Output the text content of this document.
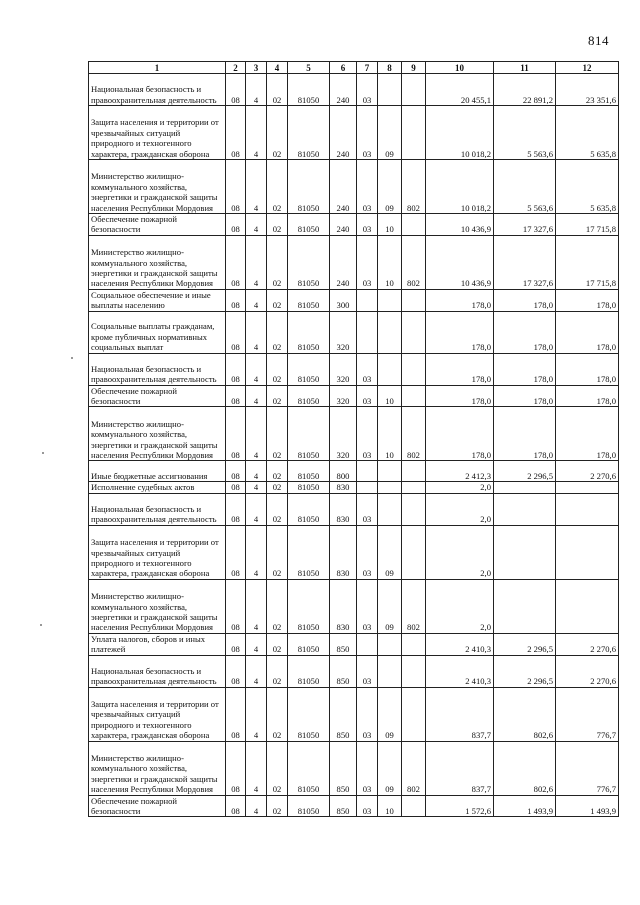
814
1	2	3	4	5	6	7	8	9	10	11	12
Национальная безопасность и правоохранительная деятельность	08	4	02	81050	240	03			20 455,1	22 891,2	23 351,6
Защита населения и территории от чрезвычайных ситуаций природного и техногенного характера, гражданская оборона	08	4	02	81050	240	03	09		10 018,2	5 563,6	5 635,8
Министерство жилищно-коммунального хозяйства, энергетики и гражданской защиты населения Республики Мордовия	08	4	02	81050	240	03	09	802	10 018,2	5 563,6	5 635,8
Обеспечение пожарной безопасности	08	4	02	81050	240	03	10		10 436,9	17 327,6	17 715,8
Министерство жилищно-коммунального хозяйства, энергетики и гражданской защиты населения Республики Мордовия	08	4	02	81050	240	03	10	802	10 436,9	17 327,6	17 715,8
Социальное обеспечение и иные выплаты населению	08	4	02	81050	300				178,0	178,0	178,0
Социальные выплаты гражданам, кроме публичных нормативных социальных выплат	08	4	02	81050	320				178,0	178,0	178,0
Национальная безопасность и правоохранительная деятельность	08	4	02	81050	320	03			178,0	178,0	178,0
Обеспечение пожарной безопасности	08	4	02	81050	320	03	10		178,0	178,0	178,0
Министерство жилищно-коммунального хозяйства, энергетики и гражданской защиты населения Республики Мордовия	08	4	02	81050	320	03	10	802	178,0	178,0	178,0
Иные бюджетные ассигнования	08	4	02	81050	800				2 412,3	2 296,5	2 270,6
Исполнение судебных актов	08	4	02	81050	830				2,0		
Национальная безопасность и правоохранительная деятельность	08	4	02	81050	830	03			2,0		
Защита населения и территории от чрезвычайных ситуаций природного и техногенного характера, гражданская оборона	08	4	02	81050	830	03	09		2,0		
Министерство жилищно-коммунального хозяйства, энергетики и гражданской защиты населения Республики Мордовия	08	4	02	81050	830	03	09	802	2,0		
Уплата налогов, сборов и иных платежей	08	4	02	81050	850				2 410,3	2 296,5	2 270,6
Национальная безопасность и правоохранительная деятельность	08	4	02	81050	850	03			2 410,3	2 296,5	2 270,6
Защита населения и территории от чрезвычайных ситуаций природного и техногенного характера, гражданская оборона	08	4	02	81050	850	03	09		837,7	802,6	776,7
Министерство жилищно-коммунального хозяйства, энергетики и гражданской защиты населения Республики Мордовия	08	4	02	81050	850	03	09	802	837,7	802,6	776,7
Обеспечение пожарной безопасности	08	4	02	81050	850	03	10		1 572,6	1 493,9	1 493,9
